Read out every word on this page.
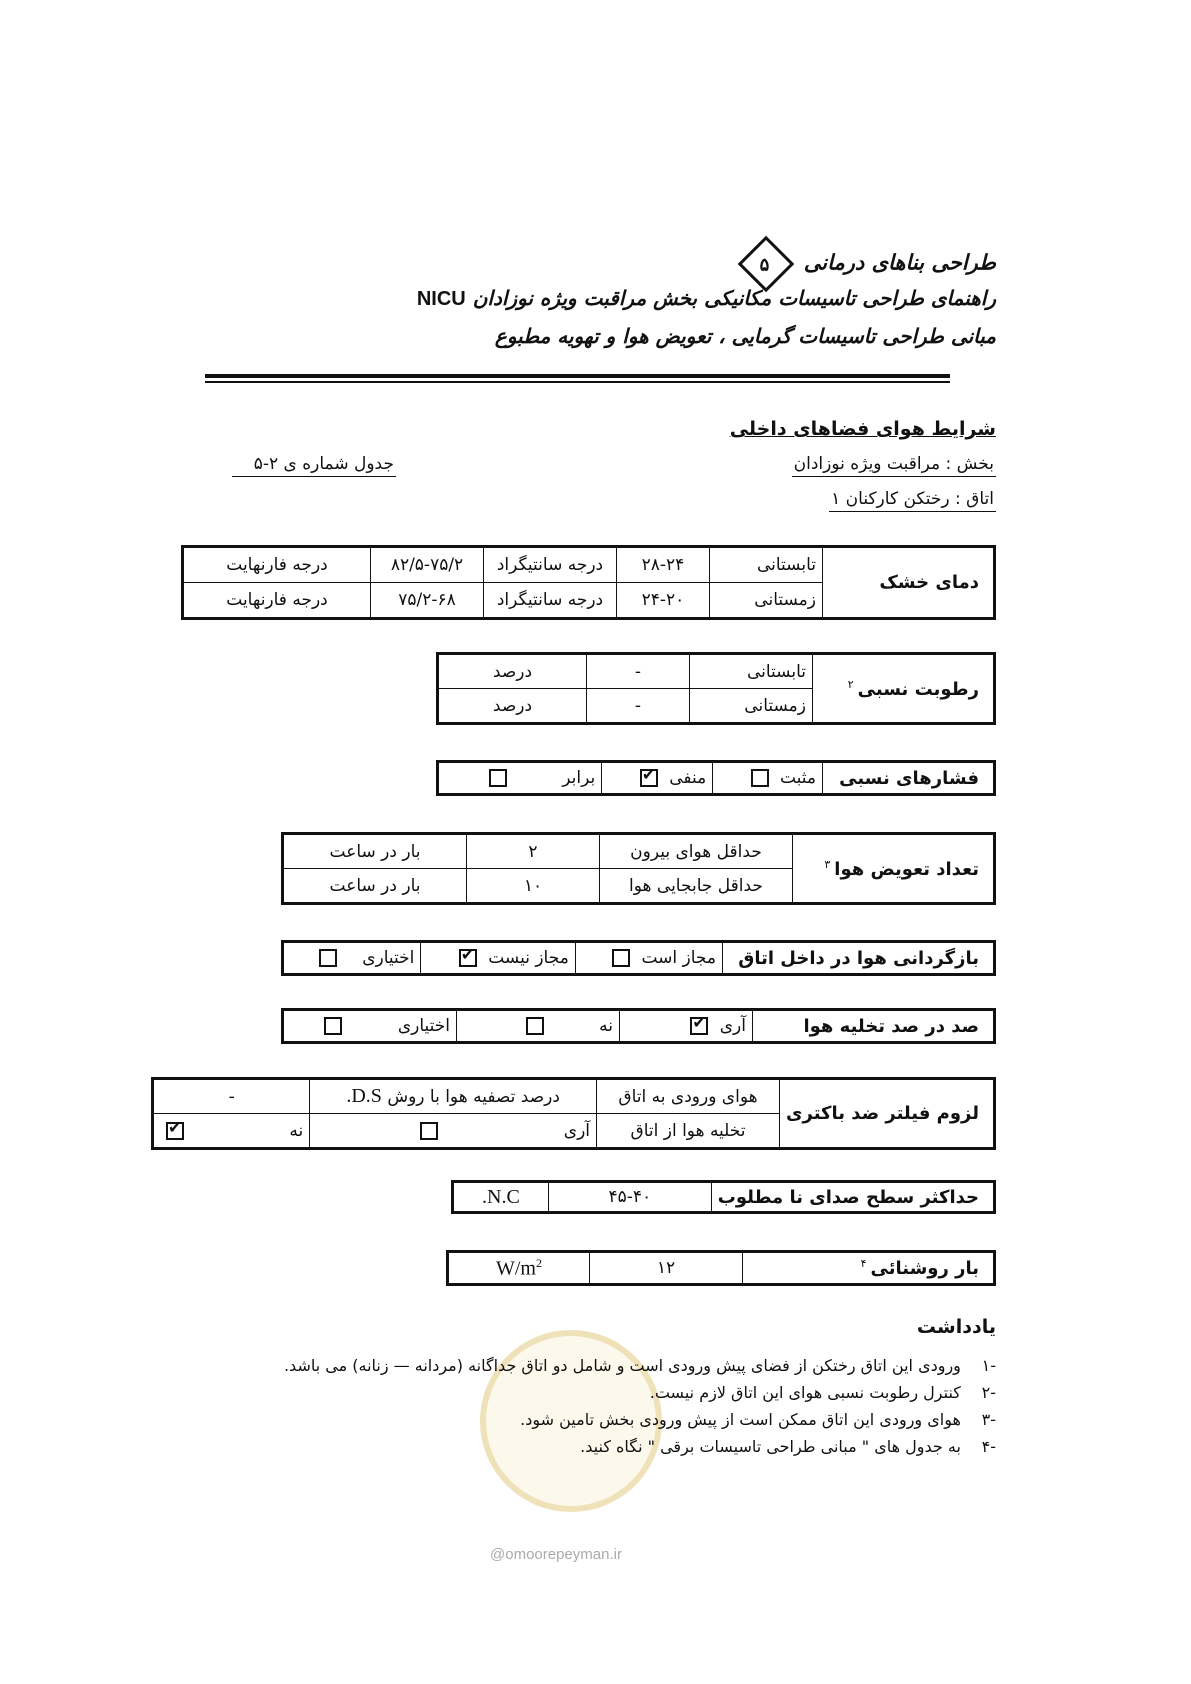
طراحی بناهای درمانی ۵
راهنمای طراحی تاسیسات مکانیکی بخش مراقبت ویژه نوزادان NICU
مبانی طراحی تاسیسات گرمایی ، تعویض هوا و تهویه مطبوع
شرایط هوای فضاهای داخلی
بخش : مراقبت ویژه نوزادان
اتاق : رختکن کارکنان ۱
جدول شماره ی ۲-۵
دمای خشک	تابستانی	۲۸-۲۴	درجه سانتیگراد	۸۲/۵-۷۵/۲	درجه فارنهایت
	زمستانی	۲۴-۲۰	درجه سانتیگراد	۷۵/۲-۶۸	درجه فارنهایت
رطوبت نسبی$^۲$	تابستانی	-	درصد
	زمستانی	-	درصد
فشارهای نسبی	مثبت	منفی ✔	برابر
تعداد تعویض هوا$^۳$	حداقل هوای بیرون	۲	بار در ساعت
	حداقل جابجایی هوا	۱۰	بار در ساعت
بازگردانی هوا در داخل اتاق	مجاز است	مجاز نیست ✔	اختیاری
صد در صد تخلیه هوا	آری ✔	نه	اختیاری
لزوم فیلتر ضد باکتری	هوای ورودی به اتاق	درصد تصفیه هوا با روش D.S.	-
	تخلیه هوا از اتاق	آری	نه ✔
حداکثر سطح صدای نا مطلوب	۴۵-۴۰	N.C.
بار روشنائی$^۴$	۱۲	$W/m^2$
@omoorepeyman.ir
یادداشت
-۱ ورودی این اتاق رختکن از فضای پیش ورودی است و شامل دو اتاق جداگانه (مردانه — زنانه) می باشد.
-۲ کنترل رطوبت نسبی هوای این اتاق لازم نیست.
-۳ هوای ورودی این اتاق ممکن است از پیش ورودی بخش تامین شود.
-۴ به جدول های " مبانی طراحی تاسیسات برقی " نگاه کنید.
